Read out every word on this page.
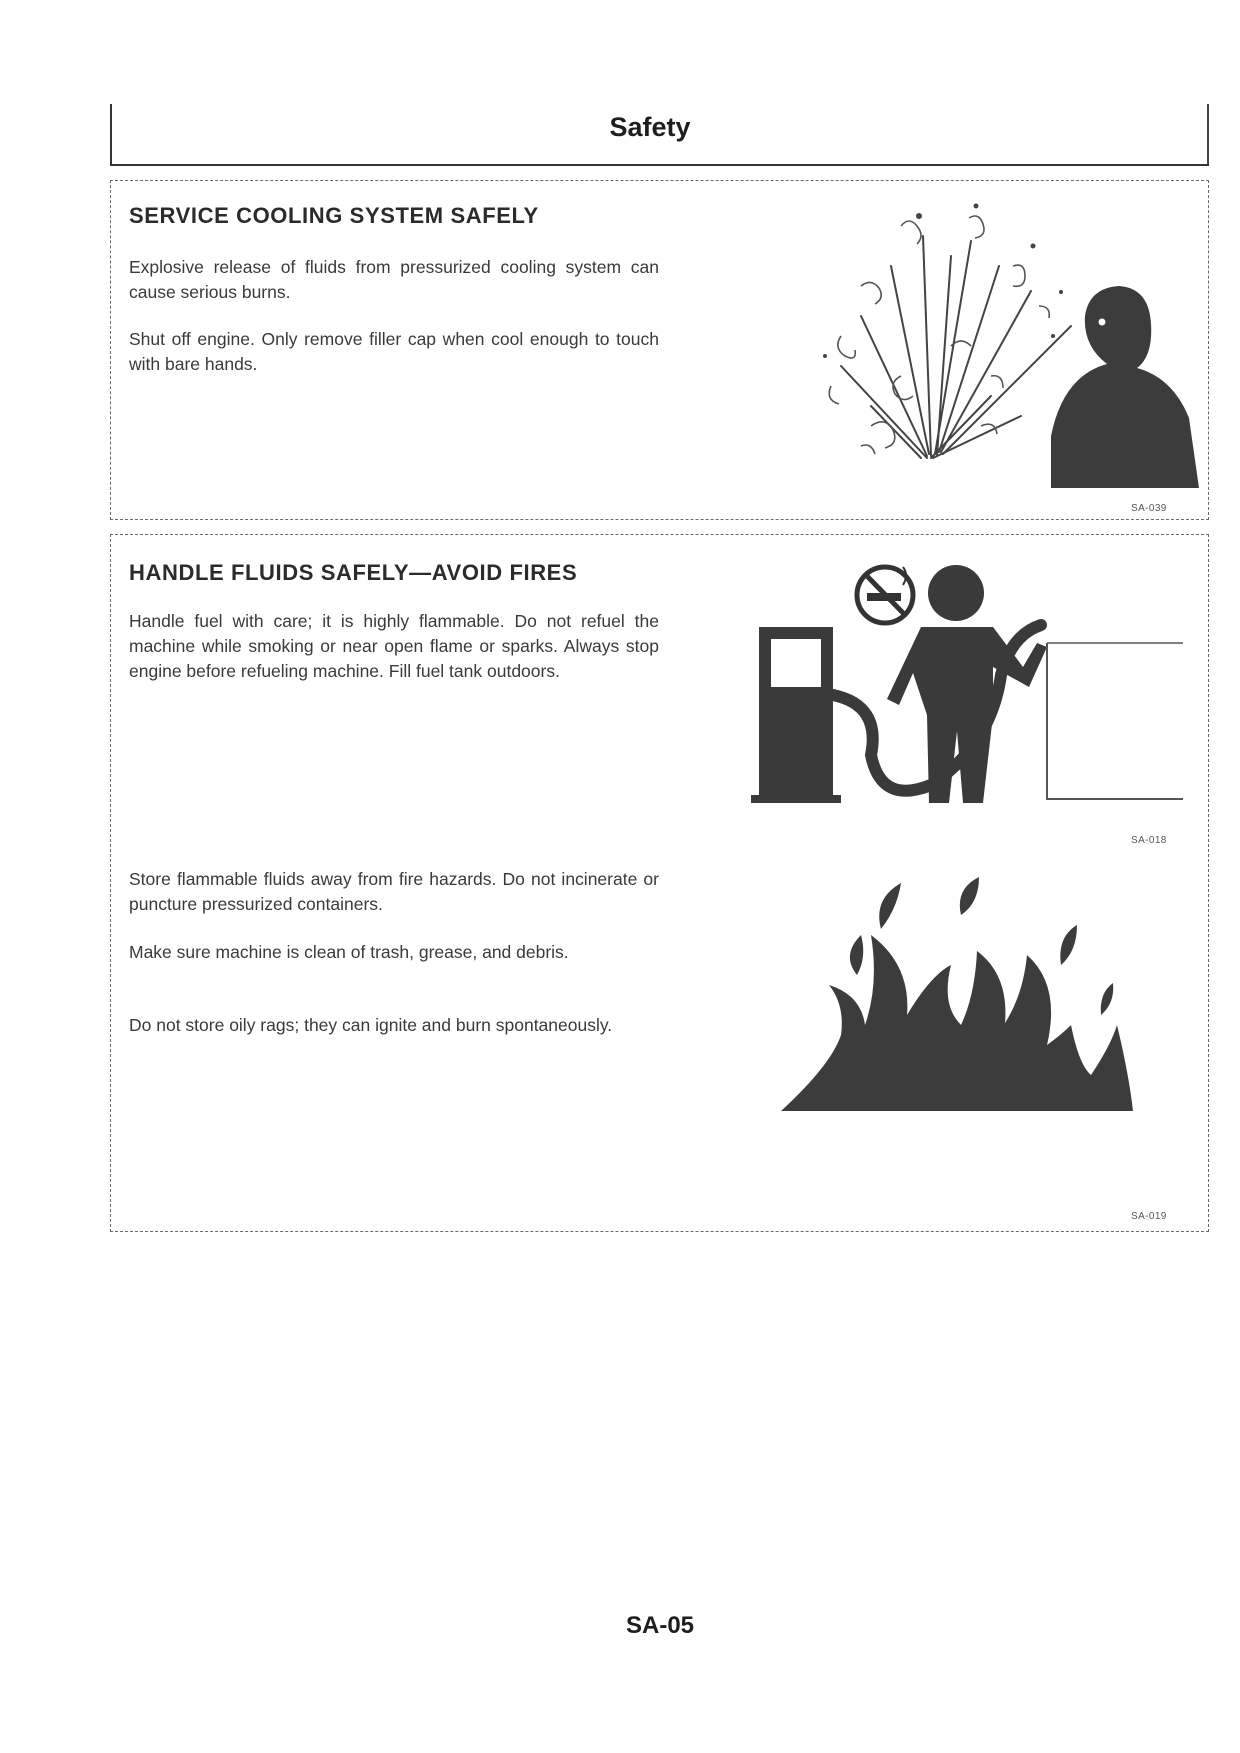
Safety
SERVICE COOLING SYSTEM SAFELY

Explosive release of fluids from pressurized cooling system can cause serious burns.

Shut off engine. Only remove filler cap when cool enough to touch with bare hands.

SA-039
HANDLE FLUIDS SAFELY—AVOID FIRES

Handle fuel with care; it is highly flammable. Do not refuel the machine while smoking or near open flame or sparks. Always stop engine before refueling machine. Fill fuel tank outdoors.

SA-018

Store flammable fluids away from fire hazards. Do not incinerate or puncture pressurized containers.

Make sure machine is clean of trash, grease, and debris.

Do not store oily rags; they can ignite and burn spontaneously.

SA-019
SA-05
